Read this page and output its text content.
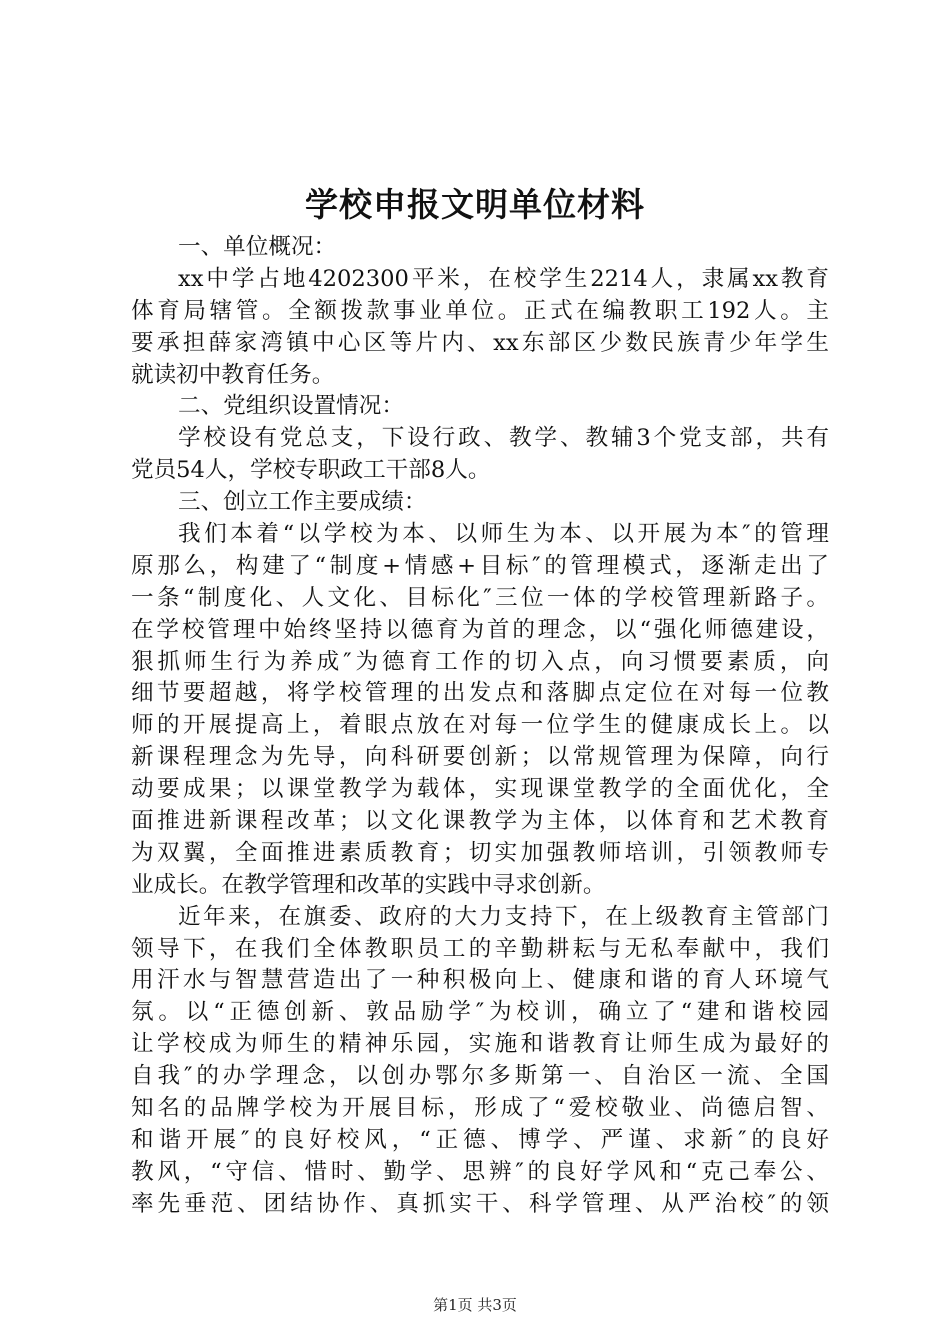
学校申报文明单位材料
一、单位概况：
xx中学占地4202300平米，在校学生2214人，隶属xx教育
体育局辖管。全额拨款事业单位。正式在编教职工192人。主
要承担薛家湾镇中心区等片内、xx东部区少数民族青少年学生
就读初中教育任务。
二、党组织设置情况：
学校设有党总支，下设行政、教学、教辅3个党支部，共有
党员54人，学校专职政工干部8人。
三、创立工作主要成绩：
我们本着“以学校为本、以师生为本、以开展为本″的管理
原那么，构建了“制度+情感+目标″的管理模式，逐渐走出了
一条“制度化、人文化、目标化″三位一体的学校管理新路子。
在学校管理中始终坚持以德育为首的理念，以“强化师德建设，
狠抓师生行为养成″为德育工作的切入点，向习惯要素质，向
细节要超越，将学校管理的出发点和落脚点定位在对每一位教
师的开展提高上，着眼点放在对每一位学生的健康成长上。以
新课程理念为先导，向科研要创新；以常规管理为保障，向行
动要成果；以课堂教学为载体，实现课堂教学的全面优化，全
面推进新课程改革；以文化课教学为主体，以体育和艺术教育
为双翼，全面推进素质教育；切实加强教师培训，引领教师专
业成长。在教学管理和改革的实践中寻求创新。
近年来，在旗委、政府的大力支持下，在上级教育主管部门
领导下，在我们全体教职员工的辛勤耕耘与无私奉献中，我们
用汗水与智慧营造出了一种积极向上、健康和谐的育人环境气
氛。以“正德创新、敦品励学″为校训，确立了“建和谐校园
让学校成为师生的精神乐园，实施和谐教育让师生成为最好的
自我″的办学理念，以创办鄂尔多斯第一、自治区一流、全国
知名的品牌学校为开展目标，形成了“爱校敬业、尚德启智、
和谐开展″的良好校风，“正德、博学、严谨、求新″的良好
教风，“守信、惜时、勤学、思辨″的良好学风和“克己奉公、
率先垂范、团结协作、真抓实干、科学管理、从严治校″的领
第1页 共3页
